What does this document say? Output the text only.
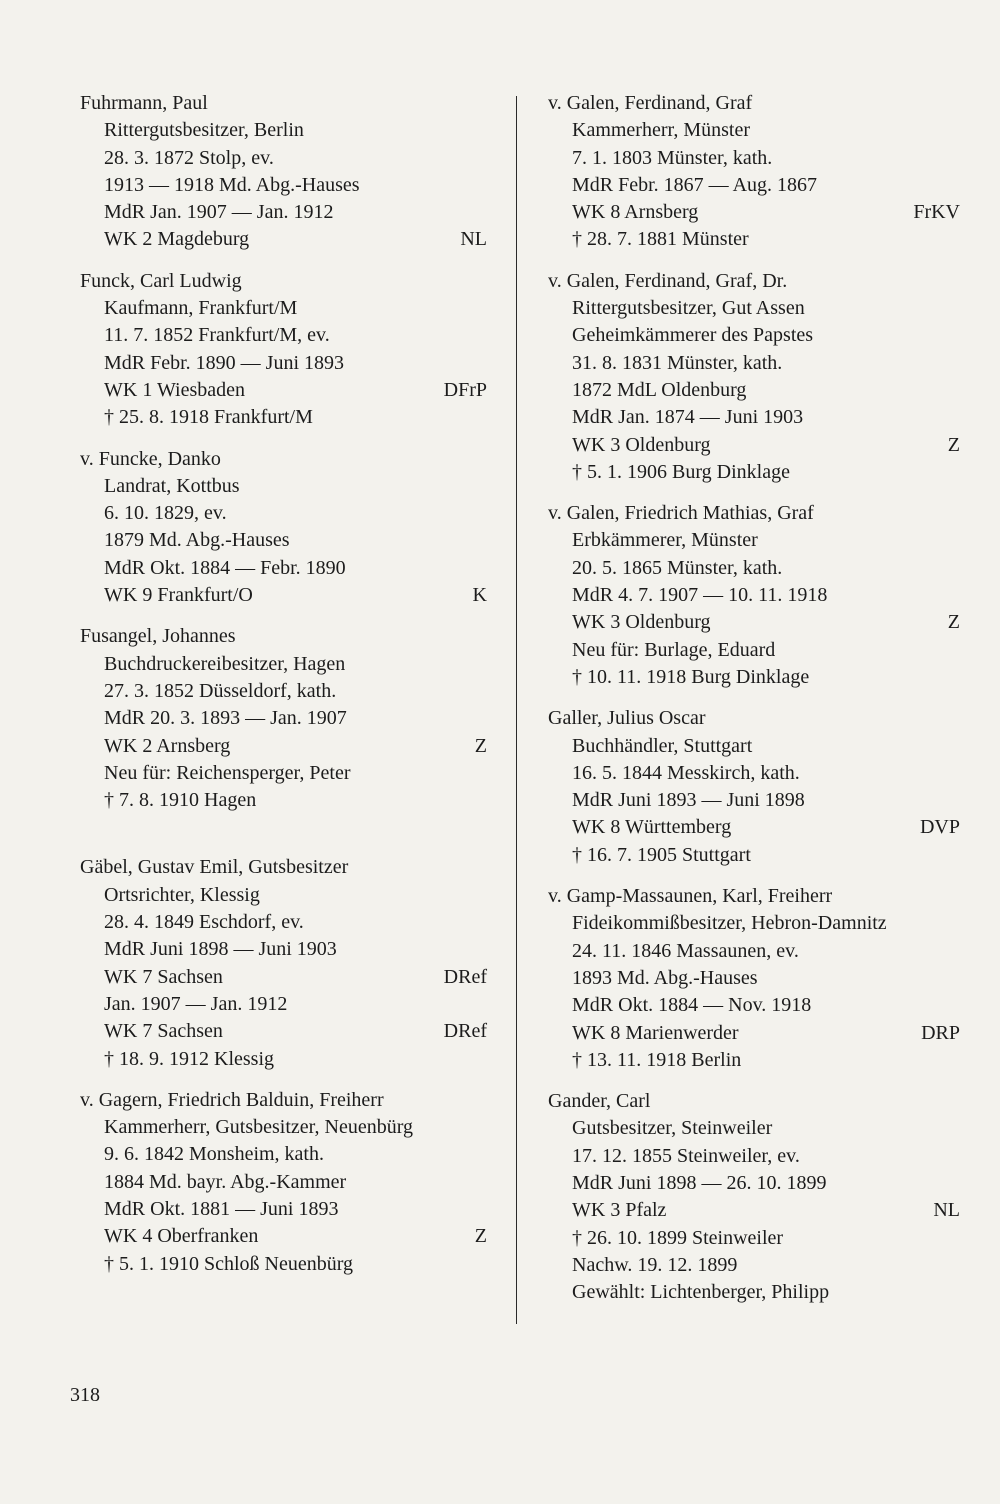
Fuhrmann, Paul
Rittergutsbesitzer, Berlin
28. 3. 1872 Stolp, ev.
1913 — 1918 Md. Abg.-Hauses
MdR Jan. 1907 — Jan. 1912
WK 2 Magdeburg	NL
Funck, Carl Ludwig
Kaufmann, Frankfurt/M
11. 7. 1852 Frankfurt/M, ev.
MdR Febr. 1890 — Juni 1893
WK 1 Wiesbaden	DFrP
† 25. 8. 1918 Frankfurt/M
v. Funcke, Danko
Landrat, Kottbus
6. 10. 1829, ev.
1879 Md. Abg.-Hauses
MdR Okt. 1884 — Febr. 1890
WK 9 Frankfurt/O	K
Fusangel, Johannes
Buchdruckereibesitzer, Hagen
27. 3. 1852 Düsseldorf, kath.
MdR 20. 3. 1893 — Jan. 1907
WK 2 Arnsberg	Z
Neu für: Reichensperger, Peter
† 7. 8. 1910 Hagen
Gäbel, Gustav Emil, Gutsbesitzer
Ortsrichter, Klessig
28. 4. 1849 Eschdorf, ev.
MdR Juni 1898 — Juni 1903
WK 7 Sachsen	DRef
Jan. 1907 — Jan. 1912
WK 7 Sachsen	DRef
† 18. 9. 1912 Klessig
v. Gagern, Friedrich Balduin, Freiherr
Kammerherr, Gutsbesitzer, Neuenbürg
9. 6. 1842 Monsheim, kath.
1884 Md. bayr. Abg.-Kammer
MdR Okt. 1881 — Juni 1893
WK 4 Oberfranken	Z
† 5. 1. 1910 Schloß Neuenbürg
v. Galen, Ferdinand, Graf
Kammerherr, Münster
7. 1. 1803 Münster, kath.
MdR Febr. 1867 — Aug. 1867
WK 8 Arnsberg	FrKV
† 28. 7. 1881 Münster
v. Galen, Ferdinand, Graf, Dr.
Rittergutsbesitzer, Gut Assen
Geheimkämmerer des Papstes
31. 8. 1831 Münster, kath.
1872 MdL Oldenburg
MdR Jan. 1874 — Juni 1903
WK 3 Oldenburg	Z
† 5. 1. 1906 Burg Dinklage
v. Galen, Friedrich Mathias, Graf
Erbkämmerer, Münster
20. 5. 1865 Münster, kath.
MdR 4. 7. 1907 — 10. 11. 1918
WK 3 Oldenburg	Z
Neu für: Burlage, Eduard
† 10. 11. 1918 Burg Dinklage
Galler, Julius Oscar
Buchhändler, Stuttgart
16. 5. 1844 Messkirch, kath.
MdR Juni 1893 — Juni 1898
WK 8 Württemberg	DVP
† 16. 7. 1905 Stuttgart
v. Gamp-Massaunen, Karl, Freiherr
Fideikommißbesitzer, Hebron-Damnitz
24. 11. 1846 Massaunen, ev.
1893 Md. Abg.-Hauses
MdR Okt. 1884 — Nov. 1918
WK 8 Marienwerder	DRP
† 13. 11. 1918 Berlin
Gander, Carl
Gutsbesitzer, Steinweiler
17. 12. 1855 Steinweiler, ev.
MdR Juni 1898 — 26. 10. 1899
WK 3 Pfalz	NL
† 26. 10. 1899 Steinweiler
Nachw. 19. 12. 1899
Gewählt: Lichtenberger, Philipp
318
